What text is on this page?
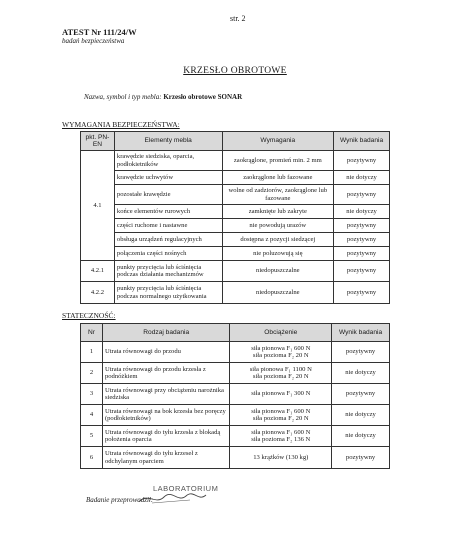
str. 2
ATEST Nr 111/24/W
badań bezpieczeństwa
KRZESŁO OBROTOWE
Nazwa, symbol i typ mebla: Krzesło obrotowe SONAR
WYMAGANIA BEZPIECZEŃSTWA:
pkt. PN-EN	Elementy mebla	Wymagania	Wynik badania
4.1	krawędzie siedziska, oparcia, podłokietników	zaokrąglone, promień min. 2 mm	pozytywny
	krawędzie uchwytów	zaokrąglone lub fazowane	nie dotyczy
	pozostałe krawędzie	wolne od zadziorów, zaokrąglone lub fazowane	pozytywny
	końce elementów rurowych	zamknięte lub zakryte	nie dotyczy
	części ruchome i nastawne	nie powodują urazów	pozytywny
	obsługa urządzeń regulacyjnych	dostępna z pozycji siedzącej	pozytywny
	połączenia części nośnych	nie poluzowują się	pozytywny
4.2.1	punkty przycięcia lub ściśnięcia podczas działania mechanizmów	niedopuszczalne	pozytywny
4.2.2	punkty przycięcia lub ściśnięcia podczas normalnego użytkowania	niedopuszczalne	pozytywny
STATECZNOŚĆ:
Nr	Rodzaj badania	Obciążenie	Wynik badania
1	Utrata równowagi do przodu	siła pionowa F₁ 600 N
siła pozioma F₂ 20 N	pozytywny
2	Utrata równowagi do przodu krzesła z podnóżkiem	siła pionowa F₁ 1100 N
siła pozioma F₂ 20 N	nie dotyczy
3	Utrata równowagi przy obciążeniu narożnika siedziska	siła pionowa F₁ 300 N	pozytywny
4	Utrata równowagi na bok krzesła bez poręczy (podłokietników)	siła pionowa F₁ 600 N
siła pozioma F₂ 20 N	nie dotyczy
5	Utrata równowagi do tyłu krzesła z blokadą położenia oparcia	siła pionowa F₁ 600 N
siła pozioma F₂ 136 N	nie dotyczy
6	Utrata równowagi do tyłu krzeseł z odchylanym oparciem	13 krążków (130 kg)	pozytywny
LABORATORIUM
Badanie przeprowadził:
